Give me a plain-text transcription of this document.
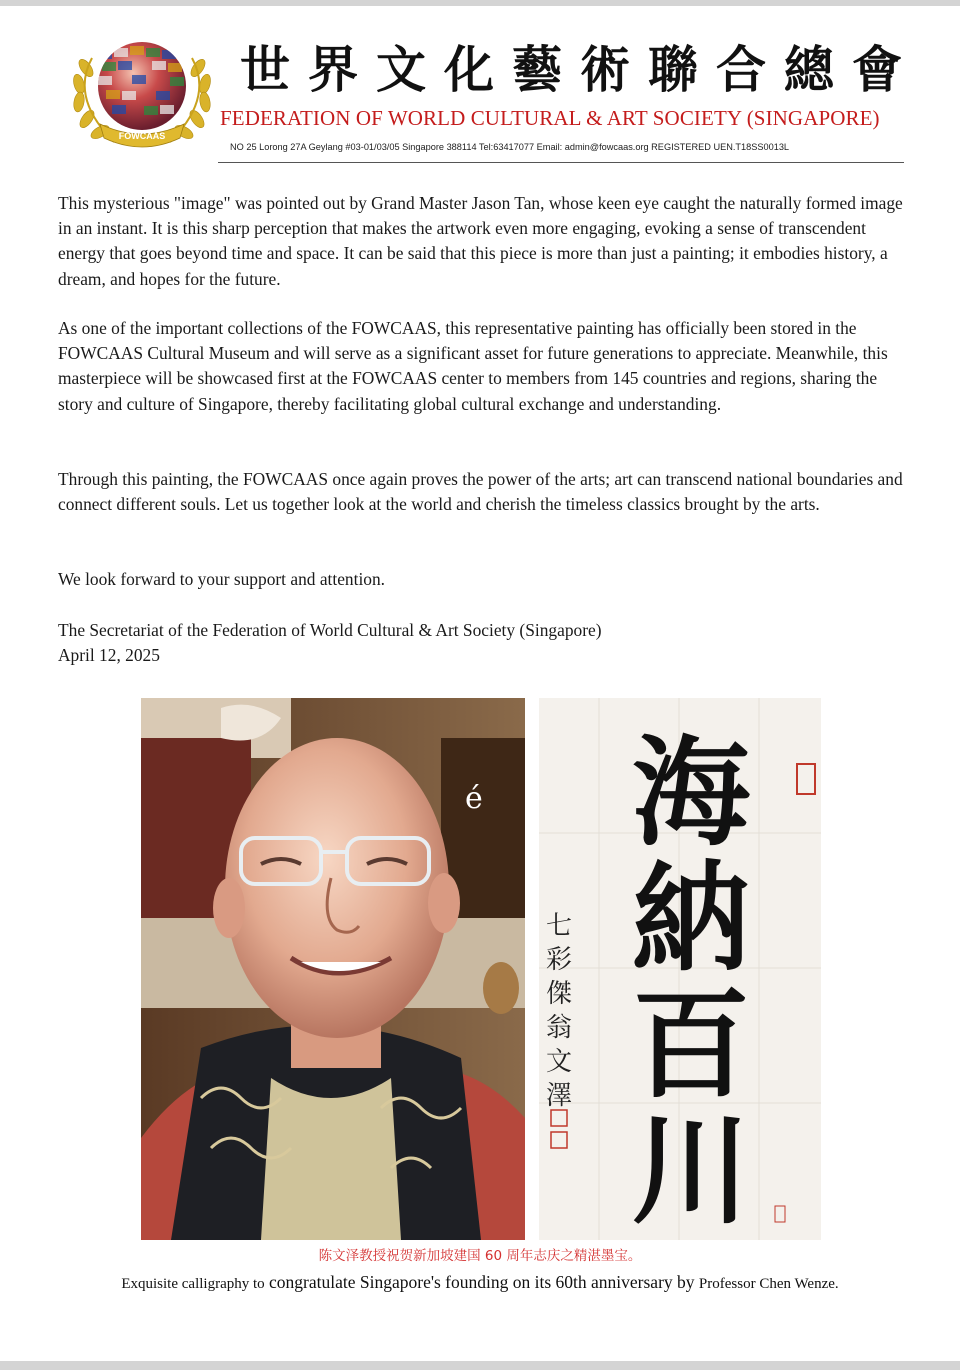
FOWCAAS
世界文化藝術聯合總會
FEDERATION OF WORLD CULTURAL & ART SOCIETY (SINGAPORE)
NO 25 Lorong 27A Geylang #03-01/03/05 Singapore 388114 Tel:63417077 Email: admin@fowcaas.org REGISTERED UEN.T18SS0013L

This mysterious "image" was pointed out by Grand Master Jason Tan, whose keen eye caught the naturally formed image in an instant. It is this sharp perception that makes the artwork even more engaging, evoking a sense of transcendent energy that goes beyond time and space. It can be said that this piece is more than just a painting; it embodies history, a dream, and hopes for the future.

As one of the important collections of the FOWCAAS, this representative painting has officially been stored in the FOWCAAS Cultural Museum and will serve as a significant asset for future generations to appreciate. Meanwhile, this masterpiece will be showcased first at the FOWCAAS center to members from 145 countries and regions, sharing the story and culture of Singapore, thereby facilitating global cultural exchange and understanding.

Through this painting, the FOWCAAS once again proves the power of the arts; art can transcend national boundaries and connect different souls. Let us together look at the world and cherish the timeless classics brought by the arts.

We look forward to your support and attention.

The Secretariat of the Federation of World Cultural & Art Society (Singapore)
April 12, 2025
é 海
納
百
川
七
彩
傑
翁
文
澤
陈文泽教授祝贺新加坡建国 60 周年志庆之精湛墨宝。
Exquisite calligraphy to congratulate Singapore's founding on its 60th anniversary by Professor Chen Wenze.
